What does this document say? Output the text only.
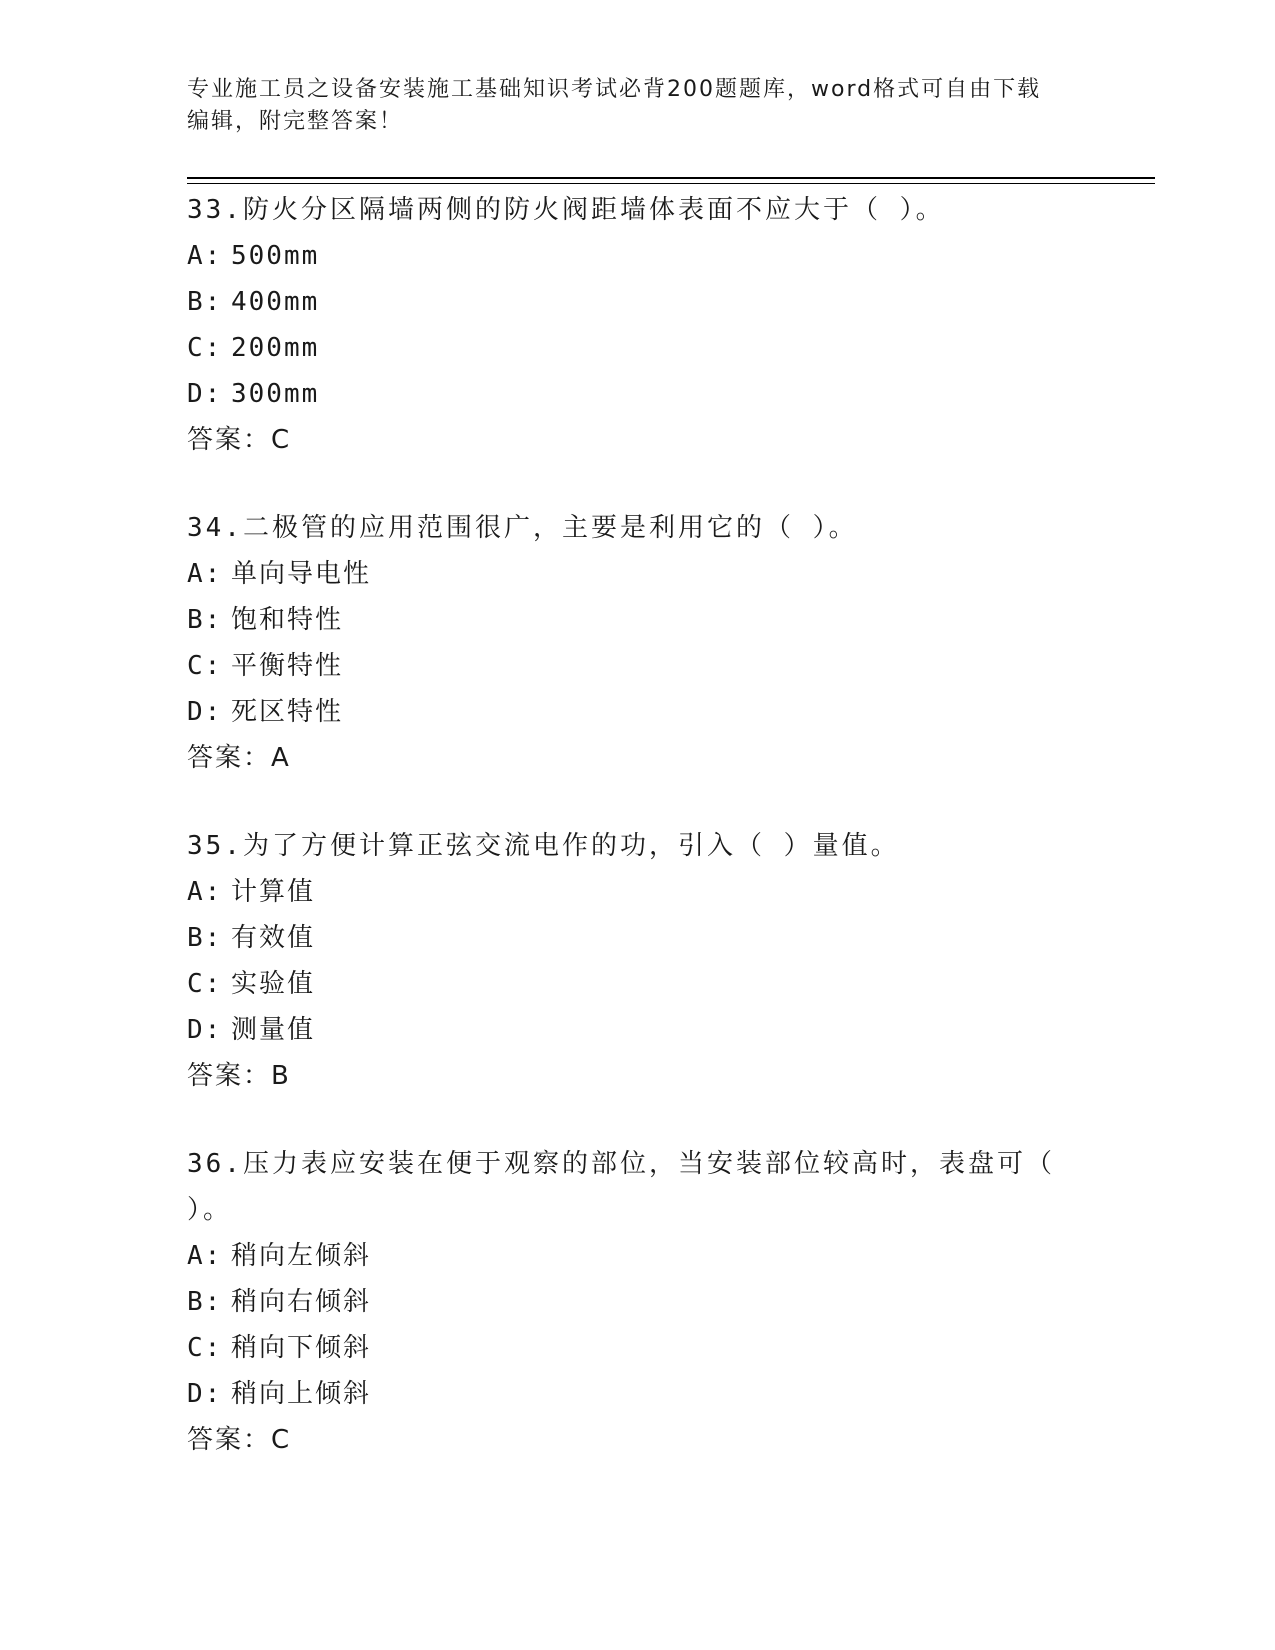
专业施工员之设备安装施工基础知识考试必背200题题库，word格式可自由下载
编辑，附完整答案！

33.防火分区隔墙两侧的防火阀距墙体表面不应大于（ ）。

A: 500mm

B: 400mm

C: 200mm

D: 300mm

答案：C

34.二极管的应用范围很广，主要是利用它的（ ）。

A: 单向导电性

B: 饱和特性

C: 平衡特性

D: 死区特性

答案：A

35.为了方便计算正弦交流电作的功，引入（ ）量值。

A: 计算值

B: 有效值

C: 实验值

D: 测量值

答案：B

36.压力表应安装在便于观察的部位，当安装部位较高时，表盘可（

）。

A: 稍向左倾斜

B: 稍向右倾斜

C: 稍向下倾斜

D: 稍向上倾斜

答案：C
